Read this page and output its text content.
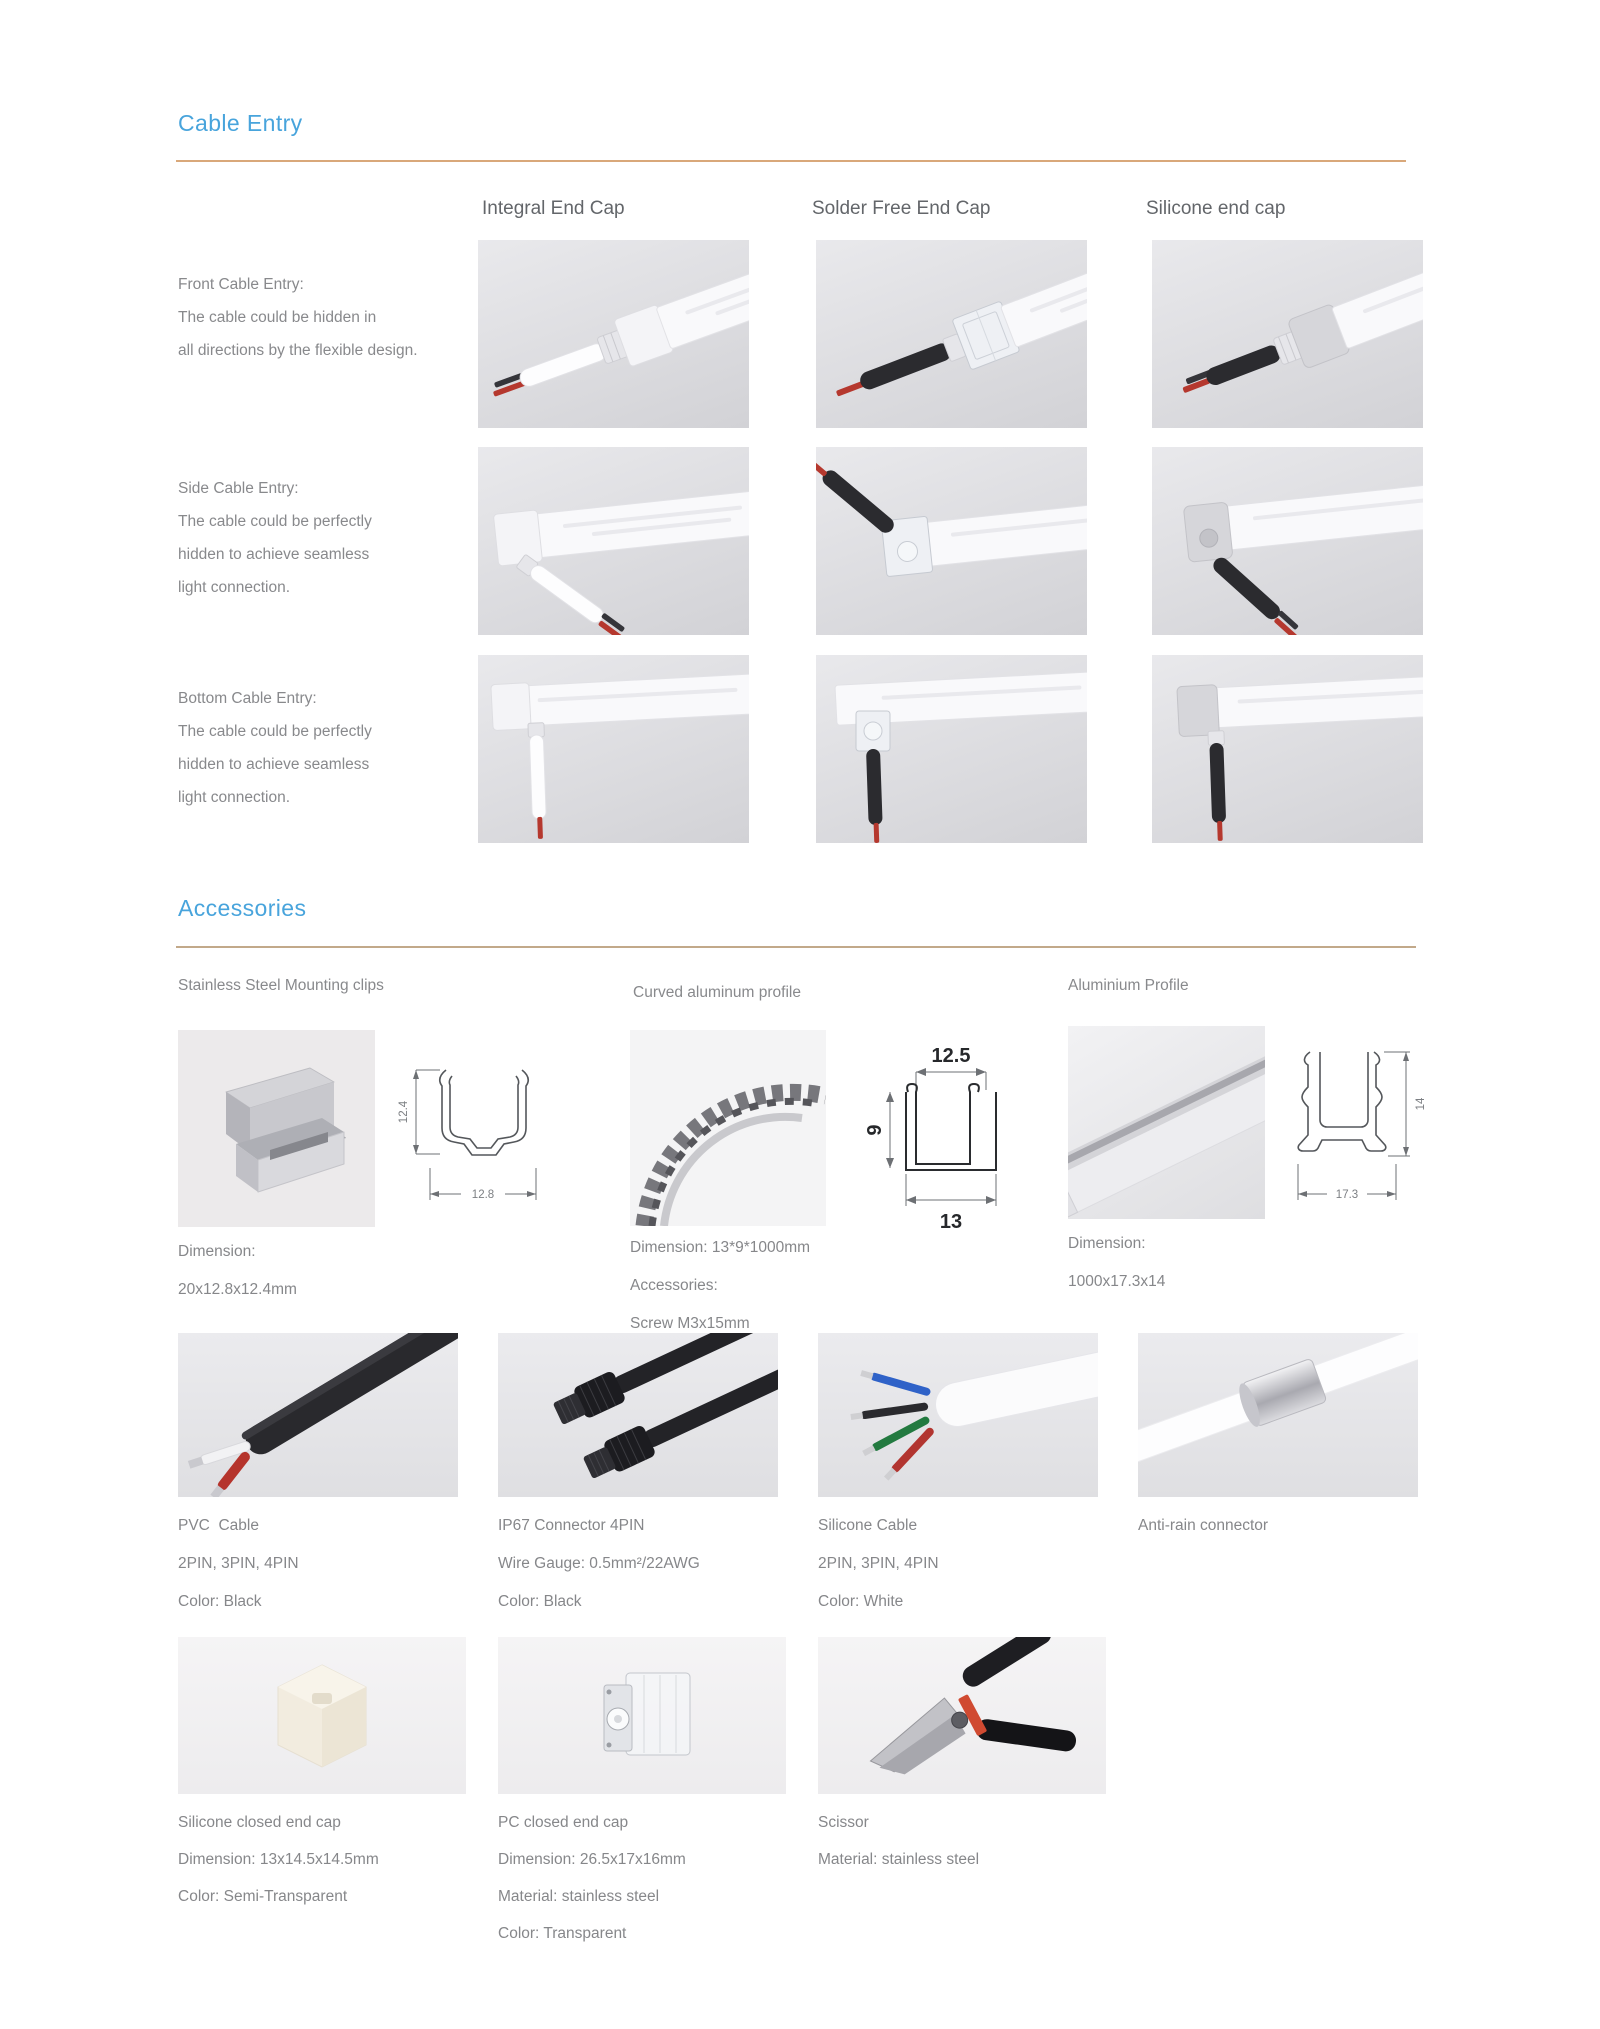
Cable Entry
Integral End Cap	Solder Free End Cap	Silicone end cap

Front Cable Entry:

The cable could be hidden in

all directions by the flexible design.

Side Cable Entry:

The cable could be perfectly

hidden to achieve seamless

light connection.

Bottom Cable Entry:

The cable could be perfectly

hidden to achieve seamless

light connection.

Accessories

Stainless Steel Mounting clips	Curved aluminum profile	Aluminium Profile

12.4
12.8

Dimension:

20x12.8x12.4mm

12.5
9
13

Dimension: 13*9*1000mm

Accessories:

Screw M3x15mm

14
17.3

Dimension:

1000x17.3x14

PVC  Cable

2PIN, 3PIN, 4PIN

Color: Black

IP67 Connector 4PIN

Wire Gauge: 0.5mm²/22AWG

Color: Black

Silicone Cable

2PIN, 3PIN, 4PIN

Color: White

Anti-rain connector

Silicone closed end cap

Dimension: 13x14.5x14.5mm

Color: Semi-Transparent

PC closed end cap

Dimension: 26.5x17x16mm

Material: stainless steel

Color: Transparent

Scissor

Material: stainless steel
